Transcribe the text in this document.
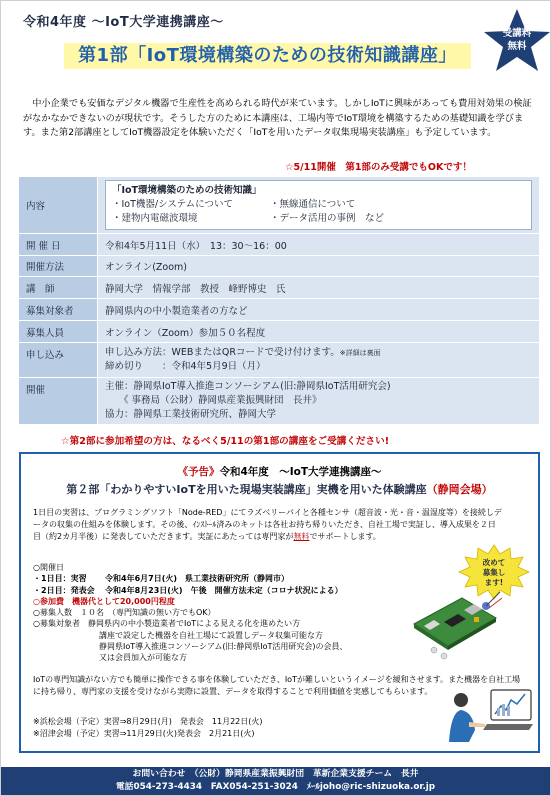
令和4年度 〜IoT大学連携講座〜
第1部「IoT環境構築のための技術知識講座」
受講料
無料
中小企業でも安価なデジタル機器で生産性を高められる時代が来ています。しかしIoTに興味があっても費用対効果の検証がなかなかできないのが現状です。そうした方のために本講座は、工場内等でIoT環境を構築するための基礎知識を学びます。また第2部講座としてIoT機器設定を体験いただく「IoTを用いたデータ収集現場実装講座」も予定しています。
☆5/11開催　第1部のみ受講でもOKです！
内容	「IoT環境構築のための技術知識」
・IoT機器/システムについて ・無線通信について
・建物内電磁波環境 ・データ活用の事例　など

開 催 日	令和4年5月11日（水）　13：30〜16：00
開催方法	オンライン(Zoom)
講　師	静岡大学　情報学部　教授　峰野博史　氏
募集対象者	静岡県内の中小製造業者の方など
募集人員	オンライン（Zoom）参加５０名程度
申し込み	申し込み方法：WEBまたはQRコードで受け付けます。※詳細は裏面
締め切り　　：令和4年5月9日（月）

開催	主催：静岡県IoT導入推進コンソーシアム(旧:静岡県IoT活用研究会)
《 事務局（公財）静岡県産業振興財団　長井》
協力：静岡県工業技術研究所、静岡大学
☆第2部に参加希望の方は、なるべく5/11の第1部の講座をご受講ください!
《予告》令和4年度　〜IoT大学連携講座〜
第２部「わかりやすいIoTを用いた現場実装講座」実機を用いた体験講座（静岡会場）
1日目の実習は、プログラミングソフト「Node-RED」にてラズベリーパイと各種センサ（超音波・光・音・温湿度等）を接続しデータの収集の仕組みを体験します。その後、ｲﾝｽﾄｰﾙ済みのキットは各社お持ち帰りいただき、自社工場で実証し、導入成果を２日目（約2カ月半後）に発表していただきます。実証にあたっては専門家が無料でサポートします。
○開催日
・1日目：実習 令和4年6月7日(火)　県工業技術研究所（静岡市）
・2日目：発表会 令和4年8月23日(火)　午後　開催方法未定（コロナ状況による）
○参加費　機器代として20,000円程度
○募集人数　１０名　（専門知識の無い方でもOK）
○募集対象者　静岡県内の中小製造業者でIoTによる見える化を進めたい方
講座で設定した機器を自社工場にて設置しデータ収集可能な方
静岡県IoT導入推進コンソーシアム(旧:静岡県IoT活用研究会)の会員、
又は会員加入が可能な方
改めて
募集し
ます!
IoTの専門知識がない方でも簡単に操作できる事を体験していただき、IoTが難しいというイメージを緩和させます。また機器を自社工場に持ち帰り、専門家の支援を受けながら実際に設置、データを取得することで利用価値を実感してもらいます。
※浜松会場（予定）実習⇒8月29日(月)　発表会　11月22日(火)
※沼津会場（予定）実習⇒11月29日(火)発表会　2月21日(火)
お問い合わせ　（公財）静岡県産業振興財団　革新企業支援チーム　長井
電話054-273-4434　FAX054-251-3024　ﾒｰﾙjoho@ric-shizuoka.or.jp
